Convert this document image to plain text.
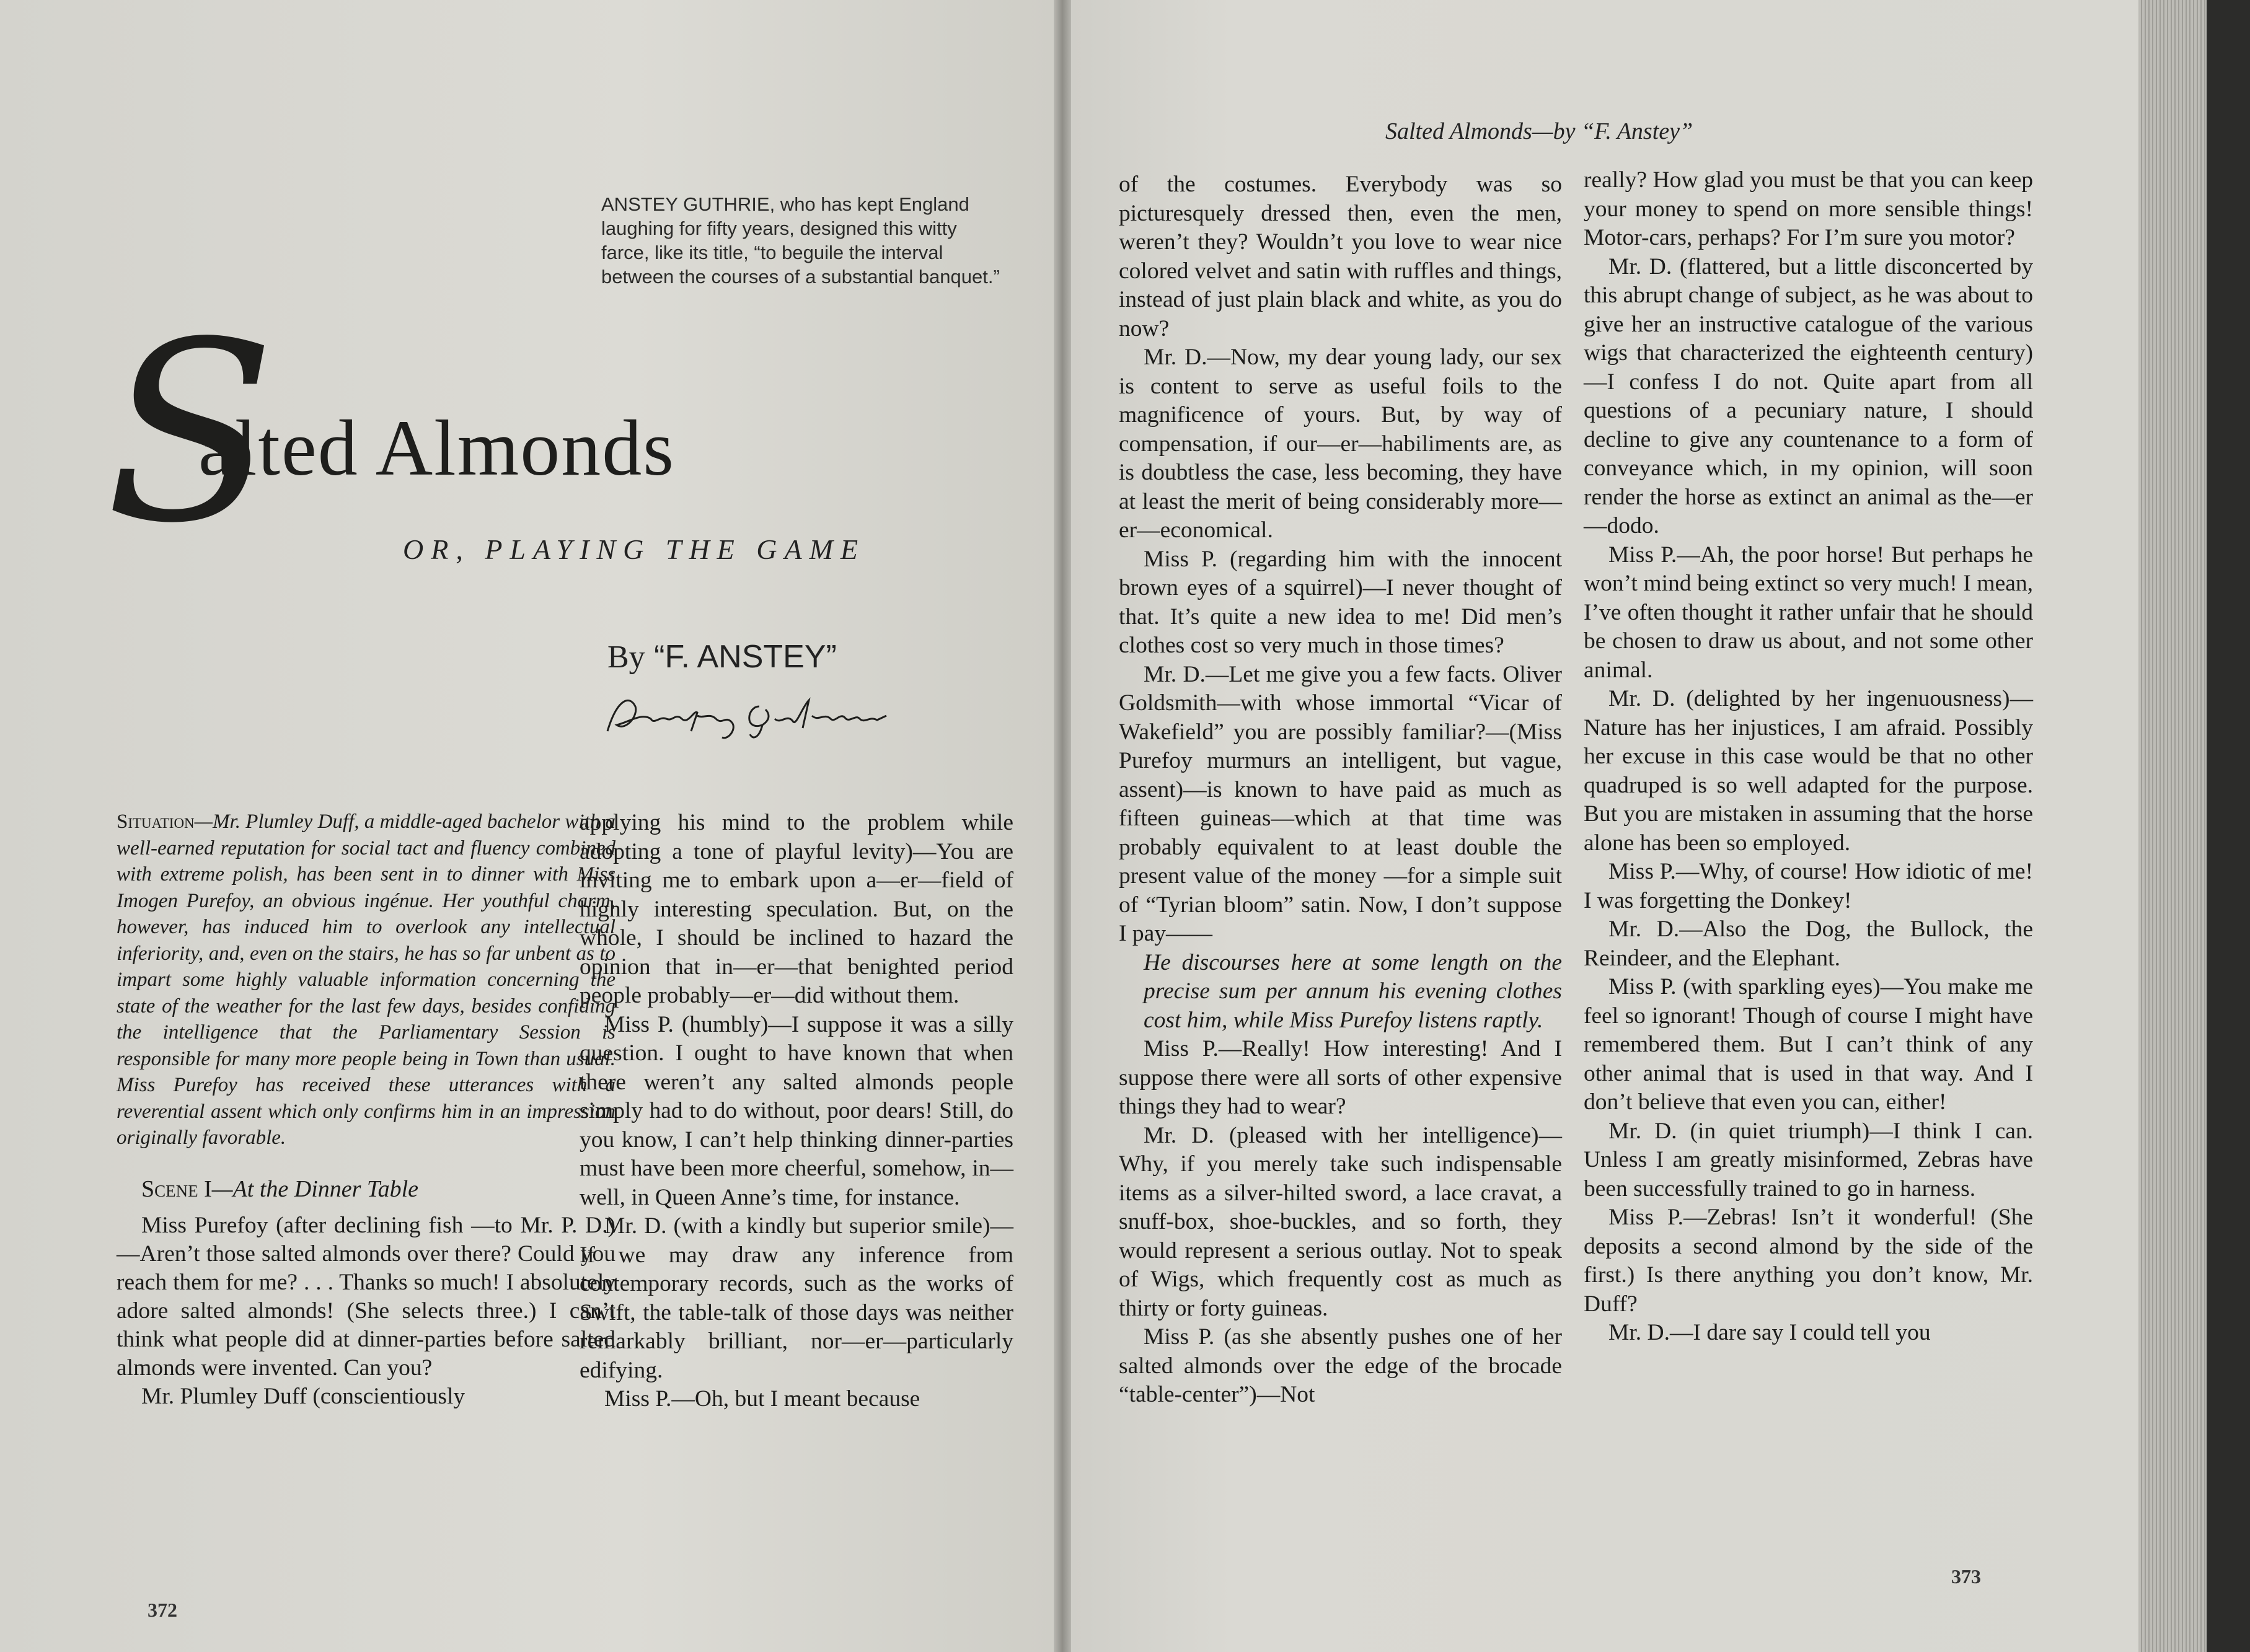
ANSTEY GUTHRIE, who has kept England laughing for fifty years, designed this witty farce, like its title, “to beguile the interval between the courses of a substantial banquet.”
S
alted Almonds
OR, PLAYING THE GAME
By “F. ANSTEY”

Situation—Mr. Plumley Duff, a middle-aged bachelor with a well-earned reputation for social tact and fluency combined with extreme polish, has been sent in to dinner with Miss Imogen Purefoy, an obvious ingénue. Her youthful charm, however, has induced him to overlook any intellectual inferiority, and, even on the stairs, he has so far unbent as to impart some highly valuable information concerning the state of the weather for the last few days, besides confiding the intelligence that the Parliamentary Session is responsible for many more people being in Town than usual. Miss Purefoy has received these utterances with a reverential assent which only confirms him in an impression originally favorable.

Scene I—At the Dinner Table

Miss Purefoy (after declining fish —to Mr. P. D.)—Aren’t those salted almonds over there? Could you reach them for me? . . . Thanks so much! I absolutely adore salted almonds! (She selects three.) I can’t think what people did at dinner-parties before salted almonds were invented. Can you?

Mr. Plumley Duff (conscientiously

applying his mind to the problem while adopting a tone of playful levity)—You are inviting me to embark upon a—er—field of highly interesting speculation. But, on the whole, I should be inclined to hazard the opinion that in—er—that benighted period people probably—er—did without them.

Miss P. (humbly)—I suppose it was a silly question. I ought to have known that when there weren’t any salted almonds people simply had to do without, poor dears! Still, do you know, I can’t help thinking dinner-parties must have been more cheerful, somehow, in—well, in Queen Anne’s time, for instance.

Mr. D. (with a kindly but superior smile)—If we may draw any inference from contemporary records, such as the works of Swift, the table-talk of those days was neither remarkably brilliant, nor—er—particularly edifying.

Miss P.—Oh, but I meant because

372
Salted Almonds—by “F. Anstey”

of the costumes. Everybody was so picturesquely dressed then, even the men, weren’t they? Wouldn’t you love to wear nice colored velvet and satin with ruffles and things, instead of just plain black and white, as you do now?

Mr. D.—Now, my dear young lady, our sex is content to serve as useful foils to the magnificence of yours. But, by way of compensation, if our—er—habiliments are, as is doubtless the case, less becoming, they have at least the merit of being considerably more—er—economical.

Miss P. (regarding him with the innocent brown eyes of a squirrel)—I never thought of that. It’s quite a new idea to me! Did men’s clothes cost so very much in those times?

Mr. D.—Let me give you a few facts. Oliver Goldsmith—with whose immortal “Vicar of Wakefield” you are possibly familiar?—(Miss Purefoy murmurs an intelligent, but vague, assent)—is known to have paid as much as fifteen guineas—which at that time was probably equivalent to at least double the present value of the money —for a simple suit of “Tyrian bloom” satin. Now, I don’t suppose I pay——

He discourses here at some length on the precise sum per annum his evening clothes cost him, while Miss Purefoy listens raptly.

Miss P.—Really! How interesting! And I suppose there were all sorts of other expensive things they had to wear?

Mr. D. (pleased with her intelligence)—Why, if you merely take such indispensable items as a silver-hilted sword, a lace cravat, a snuff-box, shoe-buckles, and so forth, they would represent a serious outlay. Not to speak of Wigs, which frequently cost as much as thirty or forty guineas.

Miss P. (as she absently pushes one of her salted almonds over the edge of the brocade “table-center”)—Not

really? How glad you must be that you can keep your money to spend on more sensible things! Motor-cars, perhaps? For I’m sure you motor?

Mr. D. (flattered, but a little disconcerted by this abrupt change of subject, as he was about to give her an instructive catalogue of the various wigs that characterized the eighteenth century)—I confess I do not. Quite apart from all questions of a pecuniary nature, I should decline to give any countenance to a form of conveyance which, in my opinion, will soon render the horse as extinct an animal as the—er—dodo.

Miss P.—Ah, the poor horse! But perhaps he won’t mind being extinct so very much! I mean, I’ve often thought it rather unfair that he should be chosen to draw us about, and not some other animal.

Mr. D. (delighted by her ingenuousness)—Nature has her injustices, I am afraid. Possibly her excuse in this case would be that no other quadruped is so well adapted for the purpose. But you are mistaken in assuming that the horse alone has been so employed.

Miss P.—Why, of course! How idiotic of me! I was forgetting the Donkey!

Mr. D.—Also the Dog, the Bullock, the Reindeer, and the Elephant.

Miss P. (with sparkling eyes)—You make me feel so ignorant! Though of course I might have remembered them. But I can’t think of any other animal that is used in that way. And I don’t believe that even you can, either!

Mr. D. (in quiet triumph)—I think I can. Unless I am greatly misinformed, Zebras have been successfully trained to go in harness.

Miss P.—Zebras! Isn’t it wonderful! (She deposits a second almond by the side of the first.) Is there anything you don’t know, Mr. Duff?

Mr. D.—I dare say I could tell you

373
